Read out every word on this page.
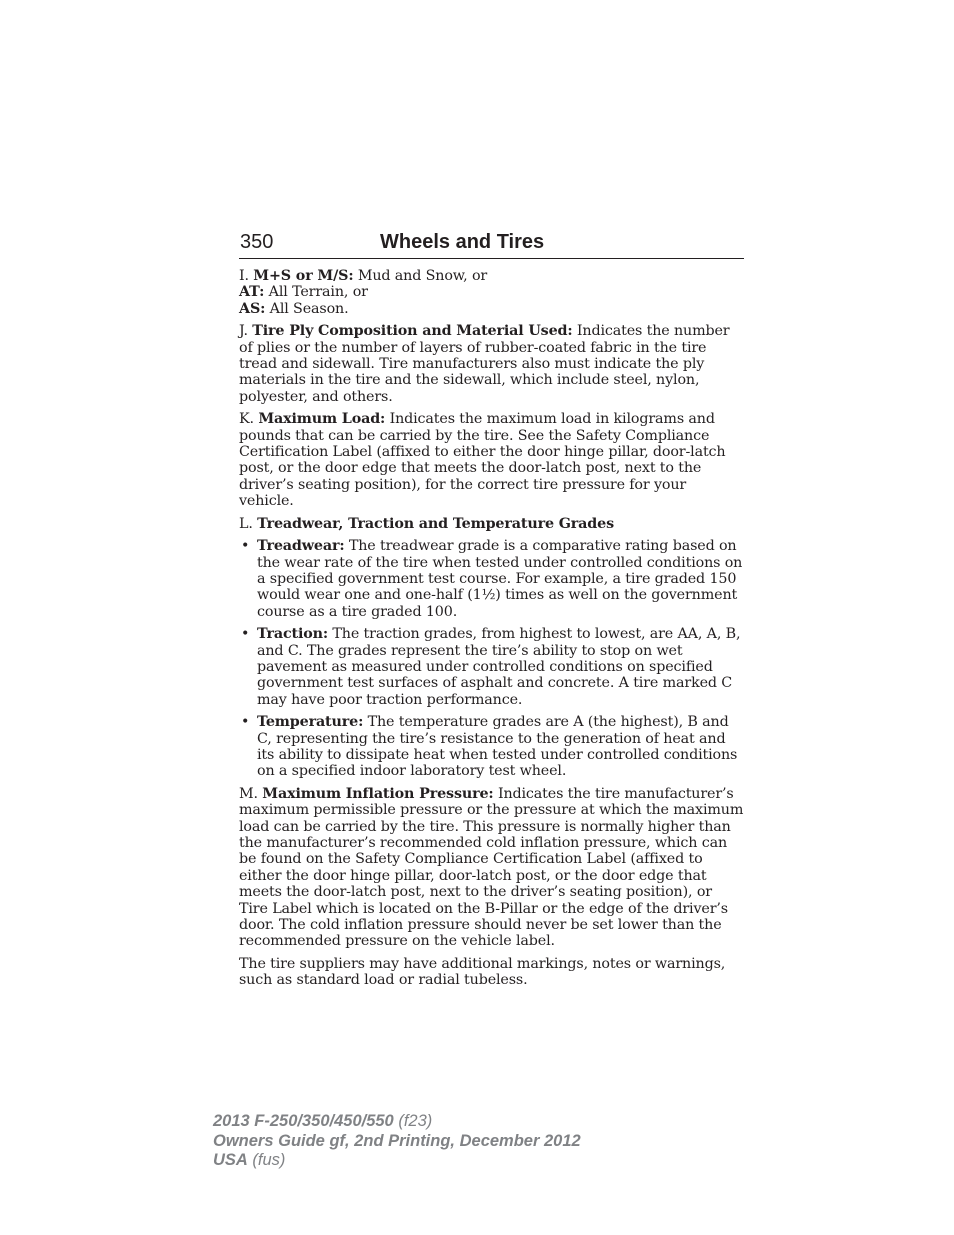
350	Wheels and Tires

I. M+S or M/S: Mud and Snow, or
AT: All Terrain, or
AS: All Season.

J. Tire Ply Composition and Material Used: Indicates the number of plies or the number of layers of rubber-coated fabric in the tire tread and sidewall. Tire manufacturers also must indicate the ply materials in the tire and the sidewall, which include steel, nylon, polyester, and others.

K. Maximum Load: Indicates the maximum load in kilograms and pounds that can be carried by the tire. See the Safety Compliance Certification Label (affixed to either the door hinge pillar, door-latch post, or the door edge that meets the door-latch post, next to the driver’s seating position), for the correct tire pressure for your vehicle.

L. Treadwear, Traction and Temperature Grades

• Treadwear: The treadwear grade is a comparative rating based on the wear rate of the tire when tested under controlled conditions on a specified government test course. For example, a tire graded 150 would wear one and one-half (1½) times as well on the government course as a tire graded 100.
• Traction: The traction grades, from highest to lowest, are AA, A, B, and C. The grades represent the tire’s ability to stop on wet pavement as measured under controlled conditions on specified government test surfaces of asphalt and concrete. A tire marked C may have poor traction performance.
• Temperature: The temperature grades are A (the highest), B and C, representing the tire’s resistance to the generation of heat and its ability to dissipate heat when tested under controlled conditions on a specified indoor laboratory test wheel.

M. Maximum Inflation Pressure: Indicates the tire manufacturer’s maximum permissible pressure or the pressure at which the maximum load can be carried by the tire. This pressure is normally higher than the manufacturer’s recommended cold inflation pressure, which can be found on the Safety Compliance Certification Label (affixed to either the door hinge pillar, door-latch post, or the door edge that meets the door-latch post, next to the driver’s seating position), or Tire Label which is located on the B-Pillar or the edge of the driver’s door. The cold inflation pressure should never be set lower than the recommended pressure on the vehicle label.

The tire suppliers may have additional markings, notes or warnings, such as standard load or radial tubeless.

2013 F-250/350/450/550 (f23)
Owners Guide gf, 2nd Printing, December 2012
USA (fus)
